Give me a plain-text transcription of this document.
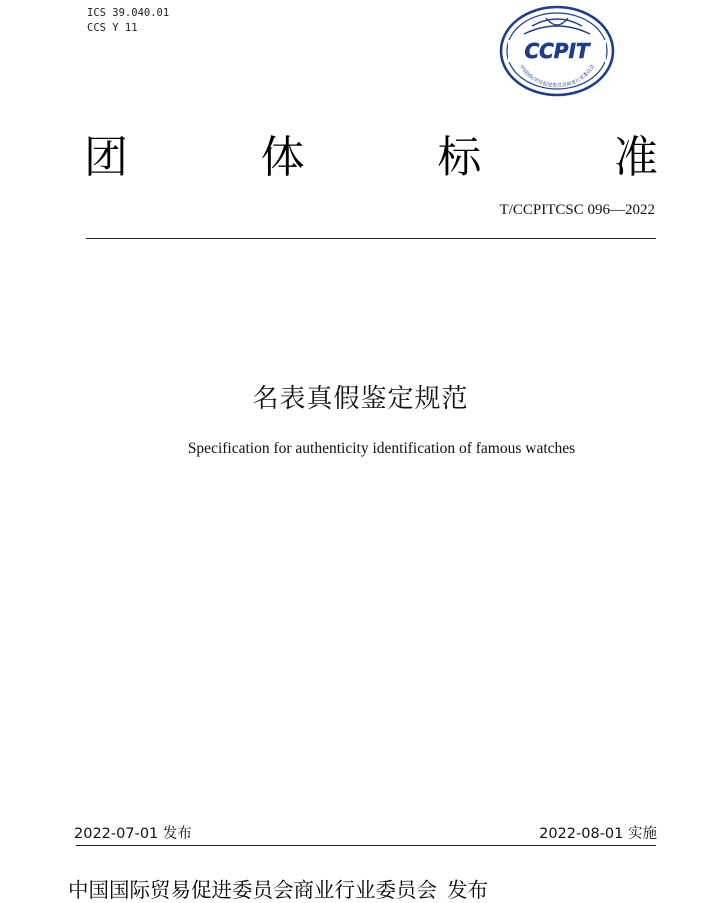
ICS 39.040.01
CCS Y 11
CCPIT
中国国际贸易促进委员会商业行业委员会
团	体	标	准
T/CCPITCSC 096—2022
名表真假鉴定规范
Specification for authenticity identification of famous watches
2022-07-01 发布	2022-08-01 实施
中国国际贸易促进委员会商业行业委员会 发布
